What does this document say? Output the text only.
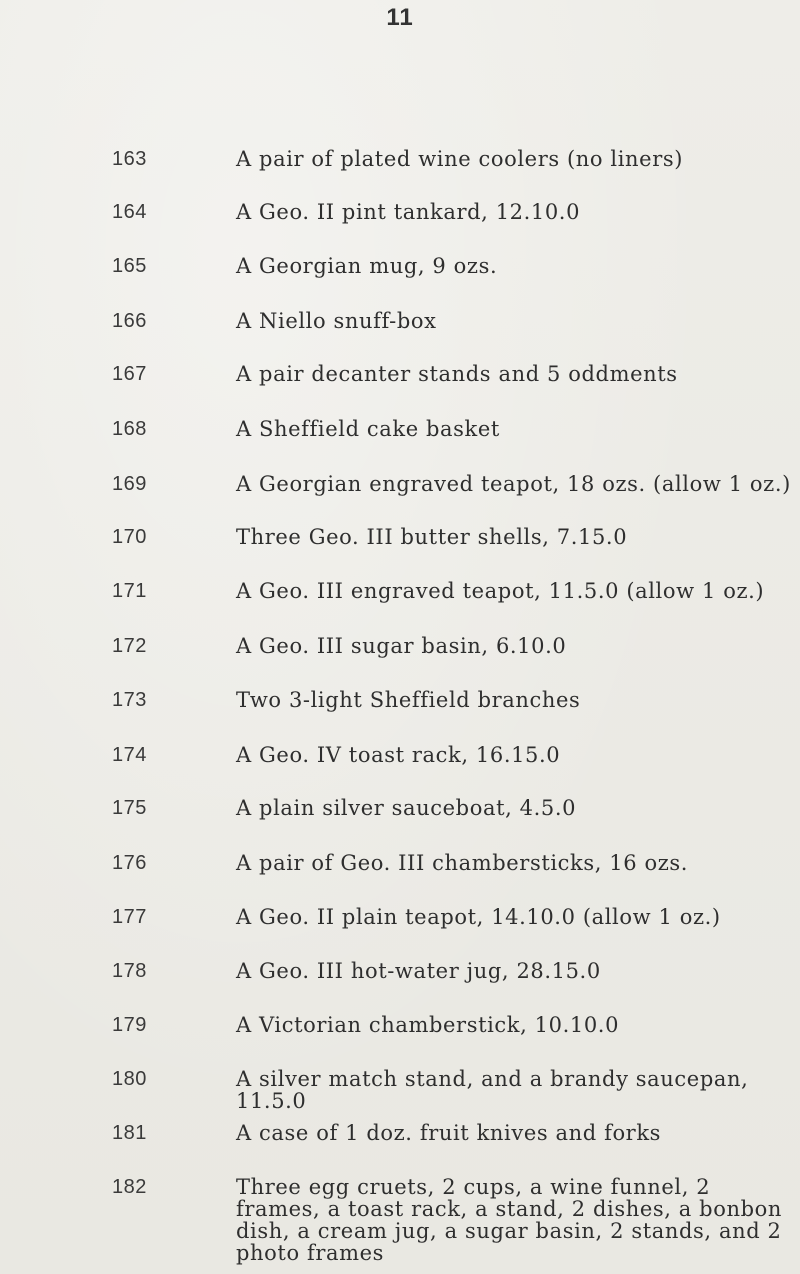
11
163	A pair of plated wine coolers (no liners)
164	A Geo. II pint tankard, 12.10.0
165	A Georgian mug, 9 ozs.
166	A Niello snuff-box
167	A pair decanter stands and 5 oddments
168	A Sheffield cake basket
169	A Georgian engraved teapot, 18 ozs. (allow 1 oz.)
170	Three Geo. III butter shells, 7.15.0
171	A Geo. III engraved teapot, 11.5.0 (allow 1 oz.)
172	A Geo. III sugar basin, 6.10.0
173	Two 3-light Sheffield branches
174	A Geo. IV toast rack, 16.15.0
175	A plain silver sauceboat, 4.5.0
176	A pair of Geo. III chambersticks, 16 ozs.
177	A Geo. II plain teapot, 14.10.0 (allow 1 oz.)
178	A Geo. III hot-water jug, 28.15.0
179	A Victorian chamberstick, 10.10.0
180	A silver match stand, and a brandy saucepan, 11.5.0
181	A case of 1 doz. fruit knives and forks
182	Three egg cruets, 2 cups, a wine funnel, 2 frames, a toast rack, a stand, 2 dishes, a bonbon dish, a cream jug, a sugar basin, 2 stands, and 2 photo frames
